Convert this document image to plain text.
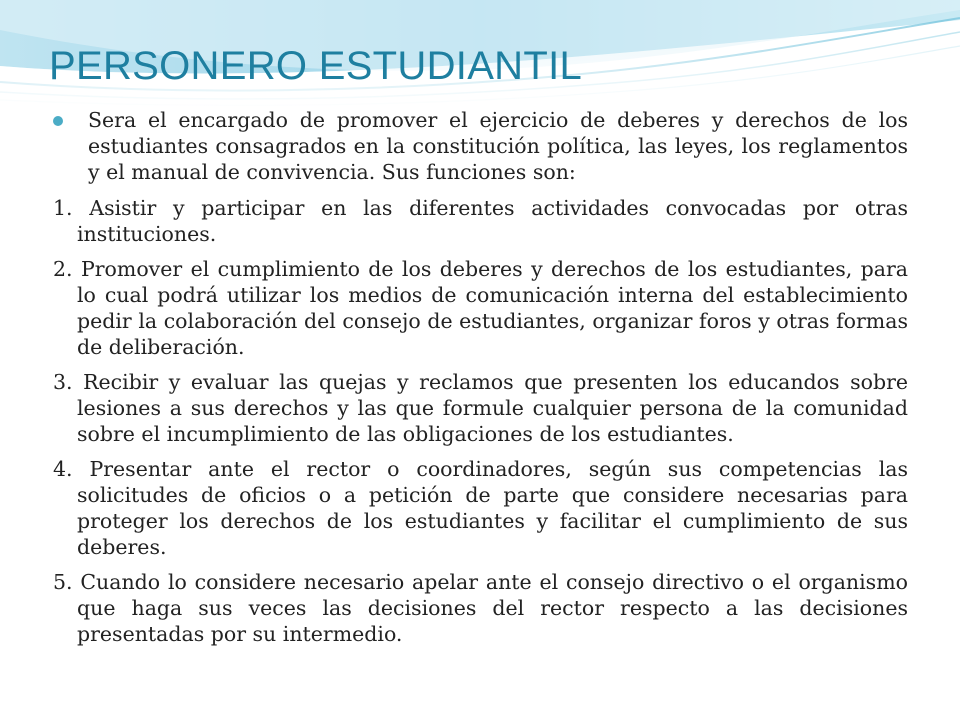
PERSONERO ESTUDIANTIL

Sera el encargado de promover el ejercicio de deberes y derechos de los estudiantes consagrados en la constitución política, las leyes, los reglamentos y el manual de convivencia. Sus funciones son:

1. Asistir y participar en las diferentes actividades convocadas por otras instituciones.

2. Promover el cumplimiento de los deberes y derechos de los estudiantes, para lo cual podrá utilizar los medios de comunicación interna del establecimiento pedir la colaboración del consejo de estudiantes, organizar foros y otras formas de deliberación.

3. Recibir y evaluar las quejas y reclamos que presenten los educandos sobre lesiones a sus derechos y las que formule cualquier persona de la comunidad sobre el incumplimiento de las obligaciones de los estudiantes.

4. Presentar ante el rector o coordinadores, según sus competencias las solicitudes de oficios o a petición de parte que considere necesarias para proteger los derechos de los estudiantes y facilitar el cumplimiento de sus deberes.

5. Cuando lo considere necesario apelar ante el consejo directivo o el organismo que haga sus veces las decisiones del rector respecto a las decisiones presentadas por su intermedio.
